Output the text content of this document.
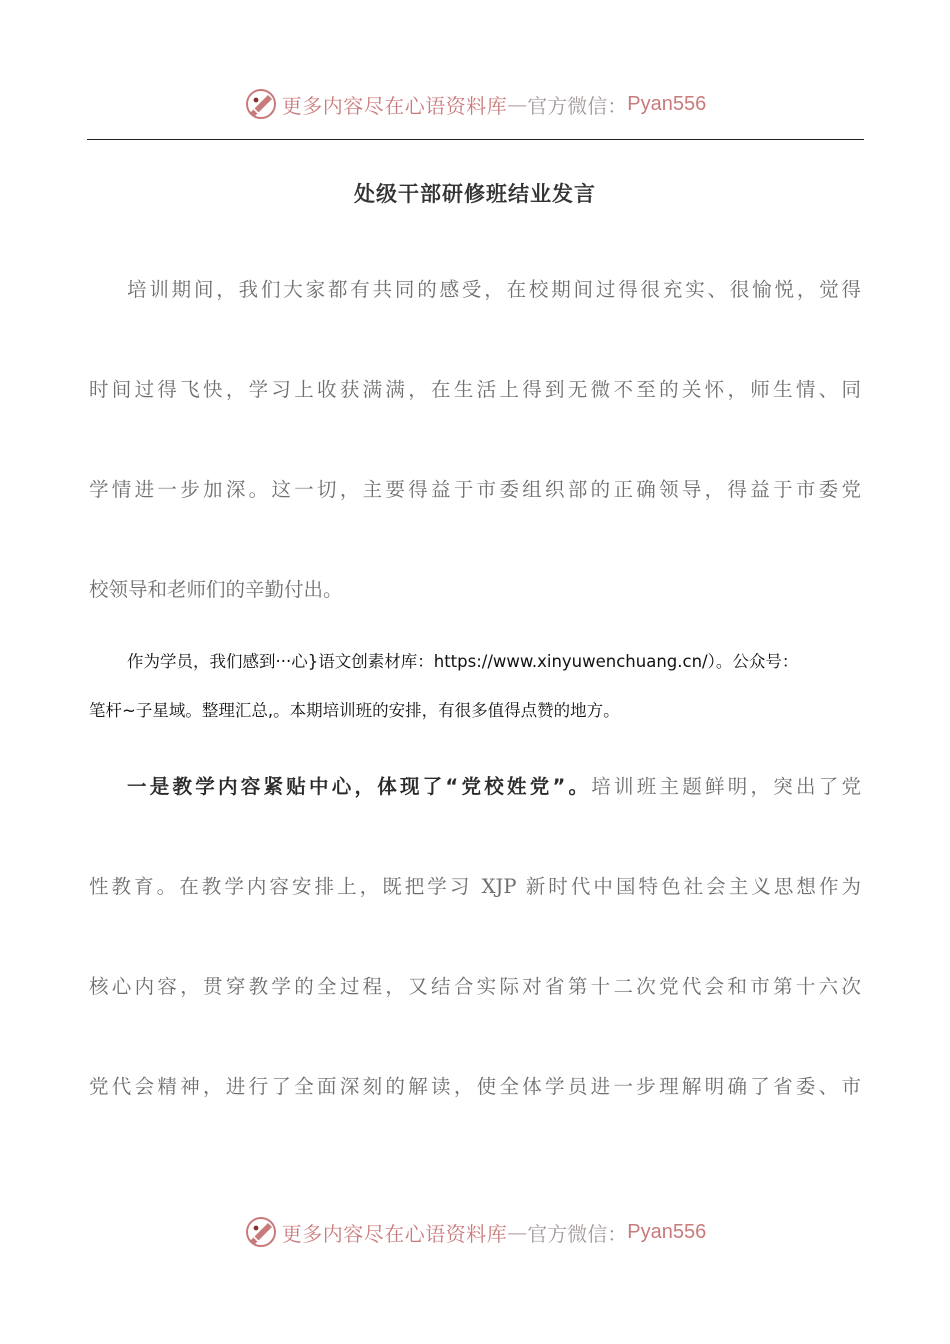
更多内容尽在心语资料库 — 官方微信： Pyan556
处级干部研修班结业发言
培训期间，我们大家都有共同的感受，在校期间过得很充实、很愉悦，觉得
时间过得飞快，学习上收获满满，在生活上得到无微不至的关怀，师生情、同
学情进一步加深。这一切，主要得益于市委组织部的正确领导，得益于市委党
校领导和老师们的辛勤付出。
作为学员，我们感到···心}语文创素材库：https://www.xinyuwenchuang.cn/）。公众号：
笔杆~子星域。整理汇总,。本期培训班的安排，有很多值得点赞的地方。
一是教学内容紧贴中心，体现了“党校姓党”。培训班主题鲜明，突出了党
性教育。在教学内容安排上，既把学习 XJP 新时代中国特色社会主义思想作为
核心内容，贯穿教学的全过程，又结合实际对省第十二次党代会和市第十六次
党代会精神，进行了全面深刻的解读，使全体学员进一步理解明确了省委、市
更多内容尽在心语资料库 — 官方微信： Pyan556
